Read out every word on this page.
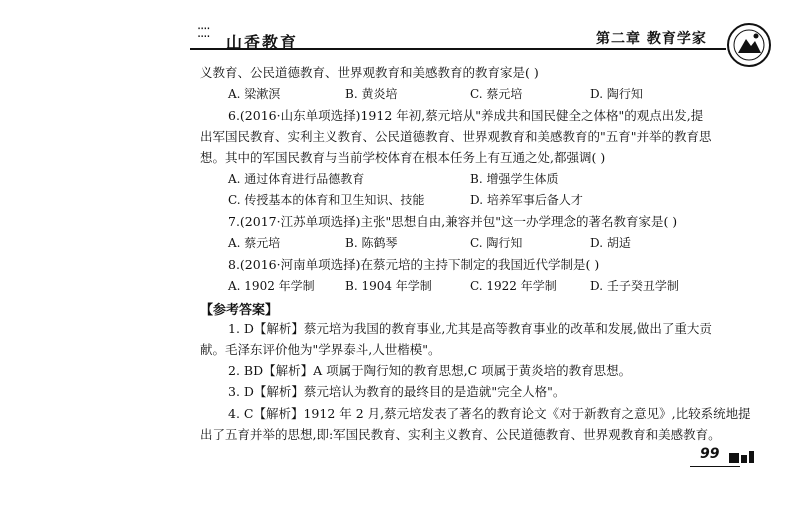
⁚⁚⁚⁚ 山香教育	第二章 教育学家
义教育、公民道德教育、世界观教育和美感教育的教育家是( )
A. 梁漱溟	B. 黄炎培	C. 蔡元培	D. 陶行知
6.(2016·山东单项选择)1912 年初,蔡元培从"养成共和国民健全之体格"的观点出发,提
出军国民教育、实利主义教育、公民道德教育、世界观教育和美感教育的"五育"并举的教育思
想。其中的军国民教育与当前学校体育在根本任务上有互通之处,都强调( )
A. 通过体育进行品德教育	B. 增强学生体质
C. 传授基本的体育和卫生知识、技能	D. 培养军事后备人才
7.(2017·江苏单项选择)主张"思想自由,兼容并包"这一办学理念的著名教育家是( )
A. 蔡元培	B. 陈鹤琴	C. 陶行知	D. 胡适
8.(2016·河南单项选择)在蔡元培的主持下制定的我国近代学制是( )
A. 1902 年学制	B. 1904 年学制	C. 1922 年学制	D. 壬子癸丑学制
【参考答案】
1. D【解析】蔡元培为我国的教育事业,尤其是高等教育事业的改革和发展,做出了重大贡
献。毛泽东评价他为"学界泰斗,人世楷模"。
2. BD【解析】A 项属于陶行知的教育思想,C 项属于黄炎培的教育思想。
3. D【解析】蔡元培认为教育的最终目的是造就"完全人格"。
4. C【解析】1912 年 2 月,蔡元培发表了著名的教育论文《对于新教育之意见》,比较系统地提
出了五育并举的思想,即:军国民教育、实利主义教育、公民道德教育、世界观教育和美感教育。
99
